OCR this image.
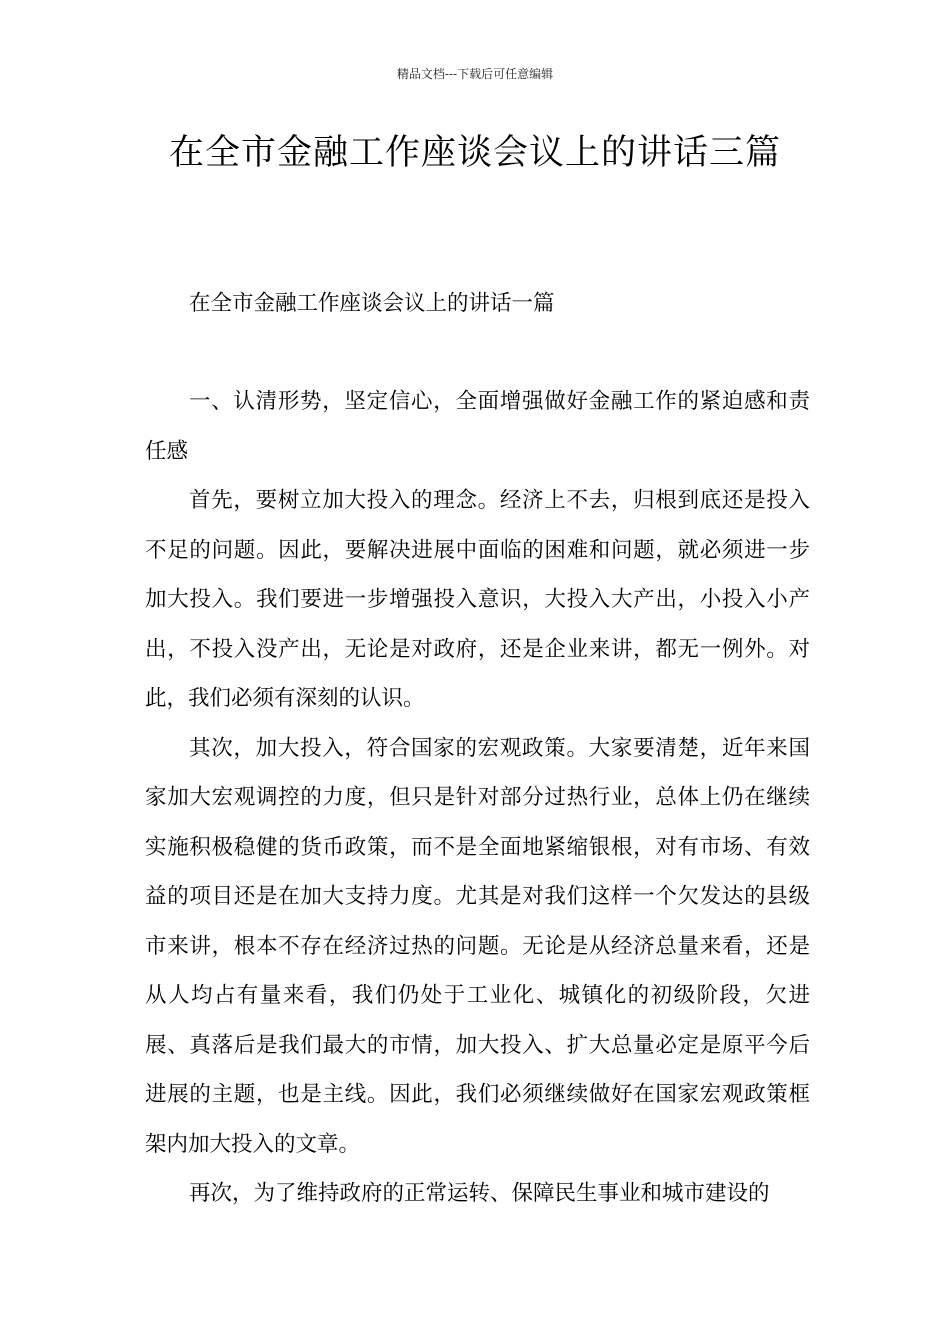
精品文档---下载后可任意编辑
在全市金融工作座谈会议上的讲话三篇

在全市金融工作座谈会议上的讲话一篇

一、认清形势，坚定信心，全面增强做好金融工作的紧迫感和责任感

首先，要树立加大投入的理念。经济上不去，归根到底还是投入不足的问题。因此，要解决进展中面临的困难和问题，就必须进一步加大投入。我们要进一步增强投入意识，大投入大产出，小投入小产出，不投入没产出，无论是对政府，还是企业来讲，都无一例外。对此，我们必须有深刻的认识。

其次，加大投入，符合国家的宏观政策。大家要清楚，近年来国家加大宏观调控的力度，但只是针对部分过热行业，总体上仍在继续实施积极稳健的货币政策，而不是全面地紧缩银根，对有市场、有效益的项目还是在加大支持力度。尤其是对我们这样一个欠发达的县级市来讲，根本不存在经济过热的问题。无论是从经济总量来看，还是从人均占有量来看，我们仍处于工业化、城镇化的初级阶段，欠进展、真落后是我们最大的市情，加大投入、扩大总量必定是原平今后进展的主题，也是主线。因此，我们必须继续做好在国家宏观政策框架内加大投入的文章。

再次，为了维持政府的正常运转、保障民生事业和城市建设的
